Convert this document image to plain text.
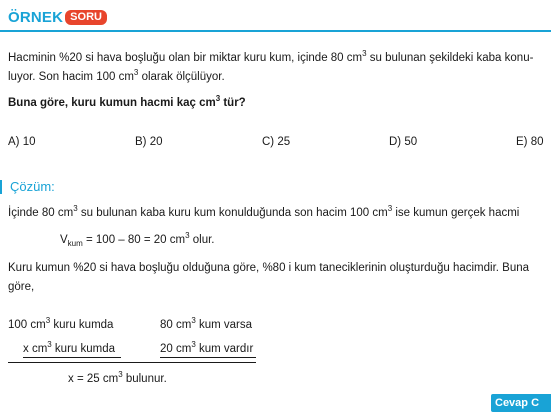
ÖRNEK SORU
Hacminin %20 si hava boşluğu olan bir miktar kuru kum, içinde 80 $cm^3$ su bulunan şekildeki kaba konu-
luyor. Son hacim 100 $cm^3$ olarak ölçülüyor.
Buna göre, kuru kumun hacmi kaç $cm^3$ tür?
A) 10	B) 20	C) 25	D) 50	E) 80
Çözüm:
İçinde 80 $cm^3$ su bulunan kaba kuru kum konulduğunda son hacim 100 $cm^3$ ise kumun gerçek hacmi
$V_{kum} = 100 - 80 = 20$ $cm^3$ olur.
Kuru kumun %20 si hava boşluğu olduğuna göre, %80 i kum taneciklerinin oluşturduğu hacimdir. Buna
göre,
100 $cm^3$ kuru kumda	80 $cm^3$ kum varsa
x $cm^3$ kuru kumda	20 $cm^3$ kum vardır
x = 25 $cm^3$ bulunur.
Cevap C
